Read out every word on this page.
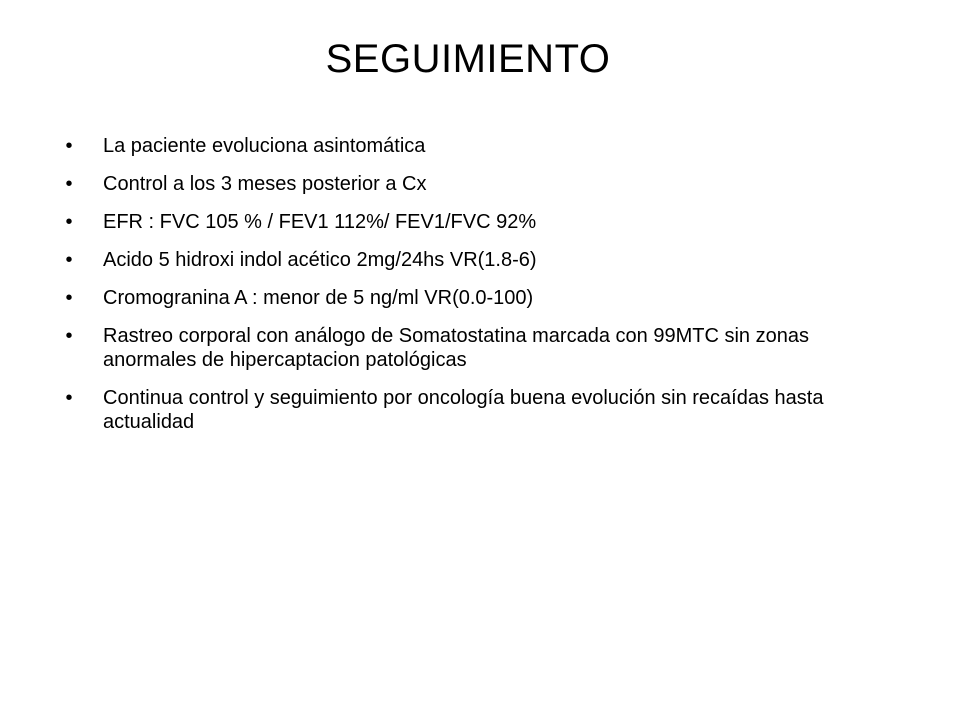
SEGUIMIENTO
• La paciente evoluciona asintomática
• Control a los 3 meses posterior a Cx
• EFR : FVC 105 % / FEV1 112%/ FEV1/FVC 92%
• Acido 5 hidroxi indol acético 2mg/24hs VR(1.8-6)
• Cromogranina A : menor de 5 ng/ml VR(0.0-100)
• Rastreo corporal con análogo de Somatostatina marcada con 99MTC sin zonas anormales de hipercaptacion patológicas
• Continua control y seguimiento por oncología buena evolución sin recaídas hasta actualidad
